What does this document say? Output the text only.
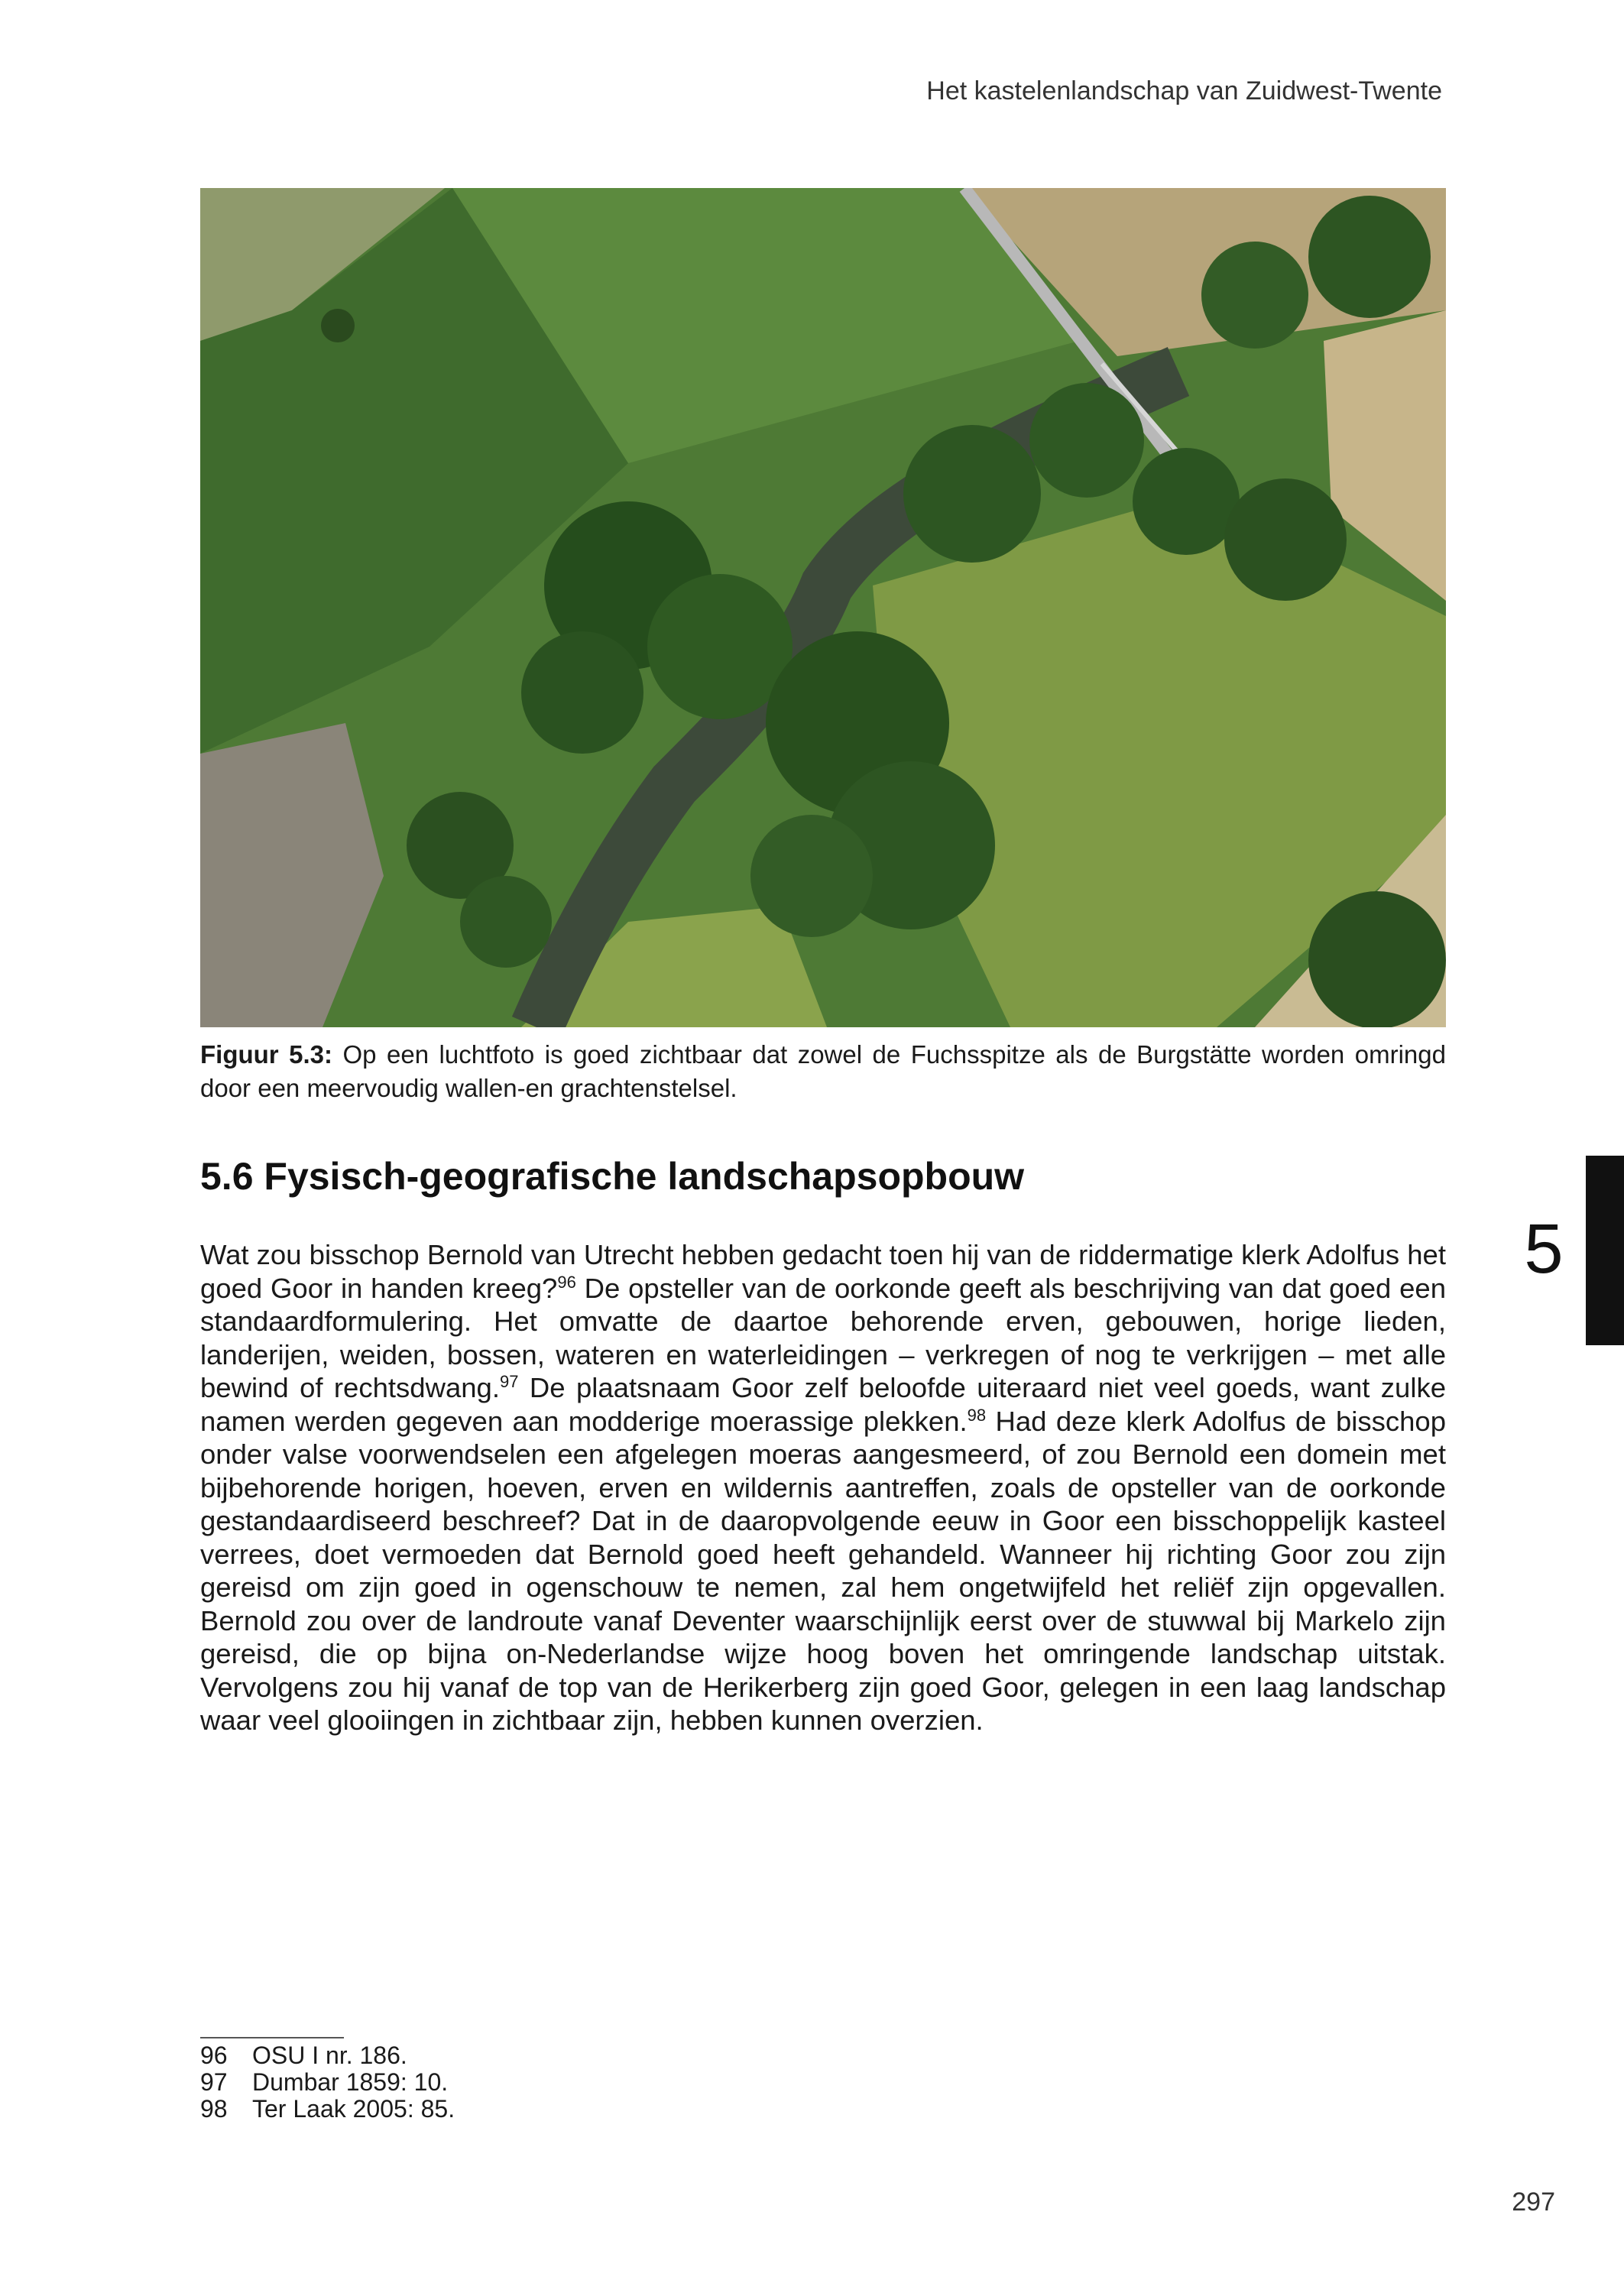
Het kastelenlandschap van Zuidwest-Twente
Figuur 5.3: Op een luchtfoto is goed zichtbaar dat zowel de Fuchsspitze als de Burgstätte worden omringd door een meervoudig wallen-en grachtenstelsel.
5.6 Fysisch-geografische landschapsopbouw
5
Wat zou bisschop Bernold van Utrecht hebben gedacht toen hij van de riddermatige klerk Adolfus het goed Goor in handen kreeg?$^{96}$ De opsteller van de oorkonde geeft als beschrijving van dat goed een standaardformulering. Het omvatte de daartoe behorende erven, gebouwen, horige lieden, landerijen, weiden, bossen, wateren en waterleidingen – verkregen of nog te verkrijgen – met alle bewind of rechtsdwang.$^{97}$ De plaatsnaam Goor zelf beloofde uiteraard niet veel goeds, want zulke namen werden gegeven aan modderige moerassige plekken.$^{98}$ Had deze klerk Adolfus de bisschop onder valse voorwendselen een afgelegen moeras aangesmeerd, of zou Bernold een domein met bijbehorende horigen, hoeven, erven en wildernis aantreffen, zoals de opsteller van de oorkonde gestandaardiseerd beschreef? Dat in de daaropvolgende eeuw in Goor een bisschoppelijk kasteel verrees, doet vermoeden dat Bernold goed heeft gehandeld. Wanneer hij richting Goor zou zijn gereisd om zijn goed in ogenschouw te nemen, zal hem ongetwijfeld het reliëf zijn opgevallen. Bernold zou over de landroute vanaf Deventer waarschijnlijk eerst over de stuwwal bij Markelo zijn gereisd, die op bijna on-Nederlandse wijze hoog boven het omringende landschap uitstak. Vervolgens zou hij vanaf de top van de Herikerberg zijn goed Goor, gelegen in een laag landschap waar veel glooiingen in zichtbaar zijn, hebben kunnen overzien.
96	OSU I nr. 186.
97	Dumbar 1859: 10.
98	Ter Laak 2005: 85.
297
